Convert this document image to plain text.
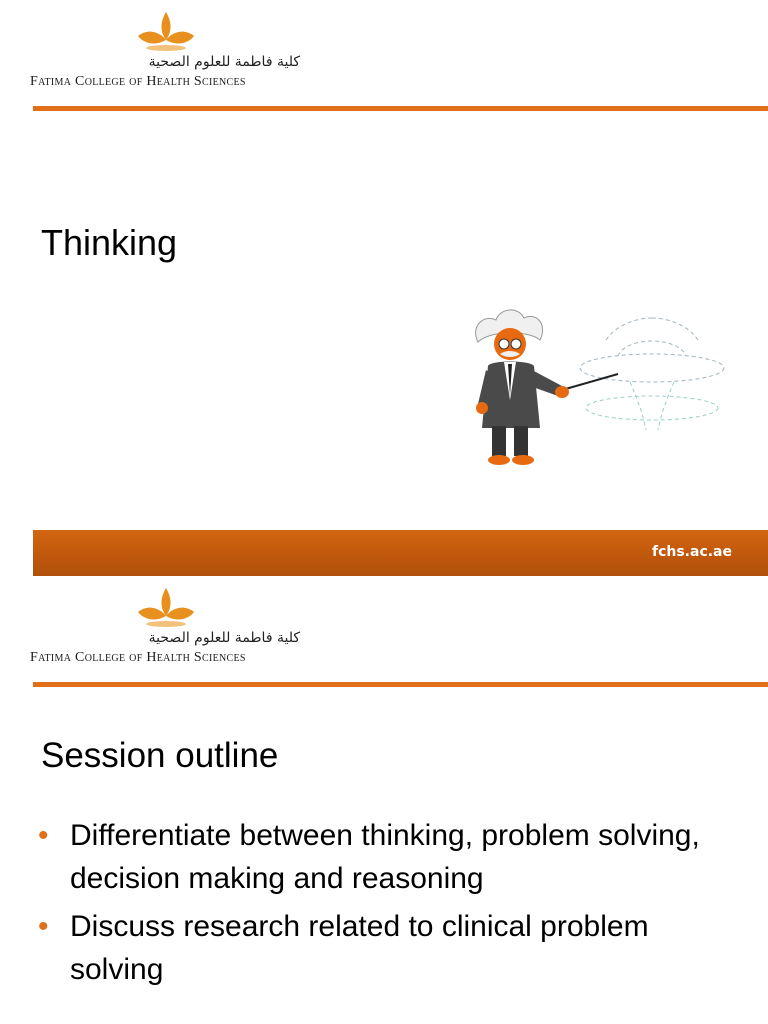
كلية فاطمة للعلوم الصحية
Fatima College of Health Sciences
Thinking
fchs.ac.ae
كلية فاطمة للعلوم الصحية
Fatima College of Health Sciences
Session outline
• Differentiate between thinking, problem solving, decision making and reasoning
• Discuss research related to clinical problem solving
